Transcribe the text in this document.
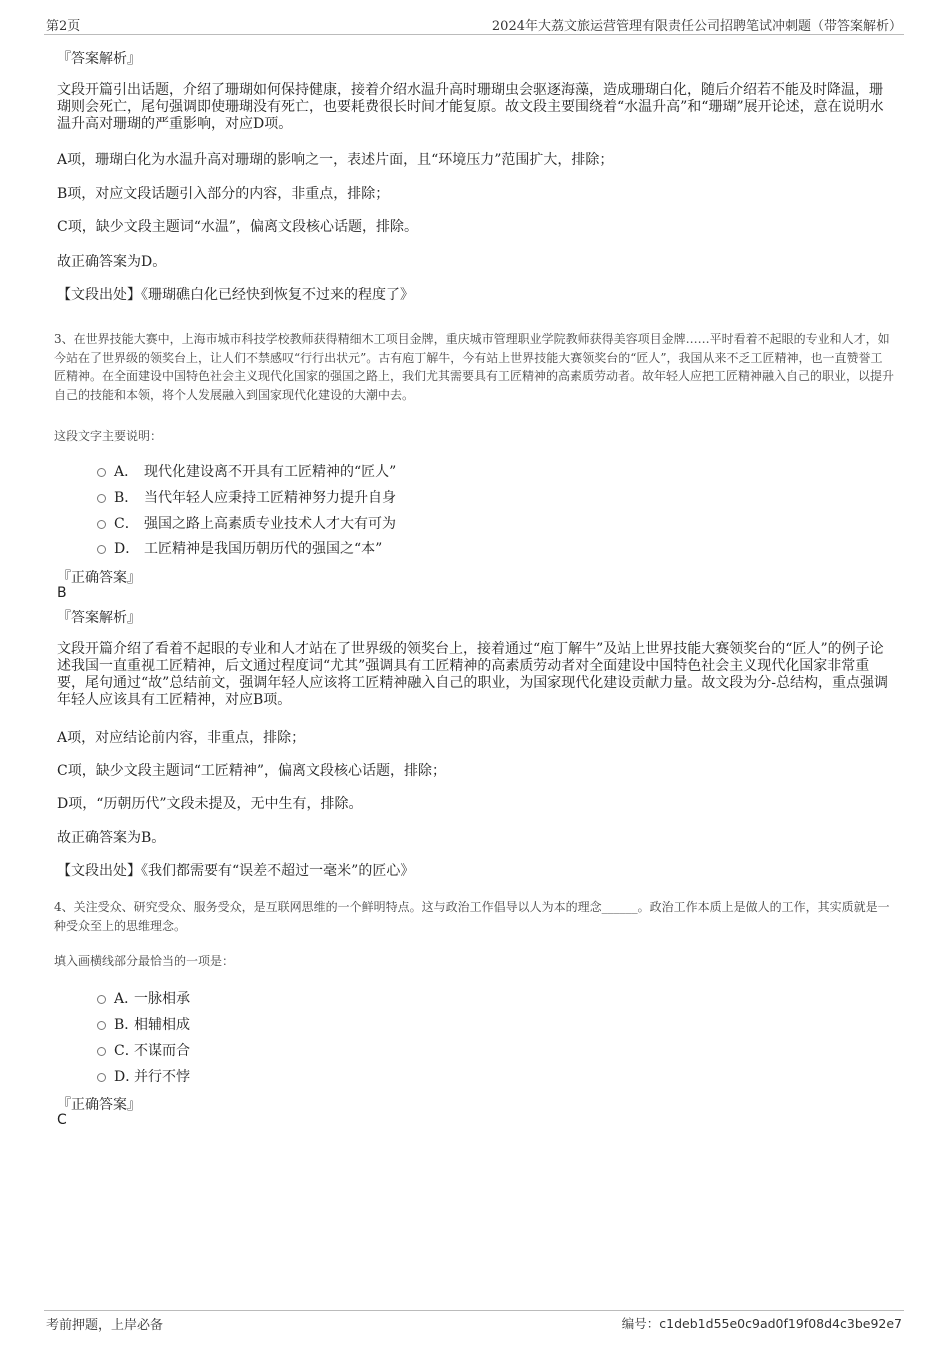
第2页	2024年大荔文旅运营管理有限责任公司招聘笔试冲刺题（带答案解析）
『答案解析』
文段开篇引出话题，介绍了珊瑚如何保持健康，接着介绍水温升高时珊瑚虫会驱逐海藻，造成珊瑚白化，随后介绍若不能及时降温，珊瑚则会死亡，尾句强调即使珊瑚没有死亡，也要耗费很长时间才能复原。故文段主要围绕着“水温升高”和“珊瑚”展开论述，意在说明水温升高对珊瑚的严重影响，对应D项。
A项，珊瑚白化为水温升高对珊瑚的影响之一，表述片面，且“环境压力”范围扩大，排除；
B项，对应文段话题引入部分的内容，非重点，排除；
C项，缺少文段主题词“水温”，偏离文段核心话题，排除。
故正确答案为D。
【文段出处】《珊瑚礁白化已经快到恢复不过来的程度了》
3、在世界技能大赛中，上海市城市科技学校教师获得精细木工项目金牌，重庆城市管理职业学院教师获得美容项目金牌……平时看着不起眼的专业和人才，如今站在了世界级的领奖台上，让人们不禁感叹“行行出状元”。古有庖丁解牛，今有站上世界技能大赛领奖台的“匠人”，我国从来不乏工匠精神，也一直赞誉工匠精神。在全面建设中国特色社会主义现代化国家的强国之路上，我们尤其需要具有工匠精神的高素质劳动者。故年轻人应把工匠精神融入自己的职业，以提升自己的技能和本领，将个人发展融入到国家现代化建设的大潮中去。
这段文字主要说明：
A． 现代化建设离不开具有工匠精神的“匠人”
B． 当代年轻人应秉持工匠精神努力提升自身
C． 强国之路上高素质专业技术人才大有可为
D． 工匠精神是我国历朝历代的强国之“本”
『正确答案』
B
『答案解析』
文段开篇介绍了看着不起眼的专业和人才站在了世界级的领奖台上，接着通过“庖丁解牛”及站上世界技能大赛领奖台的“匠人”的例子论述我国一直重视工匠精神，后文通过程度词“尤其”强调具有工匠精神的高素质劳动者对全面建设中国特色社会主义现代化国家非常重要，尾句通过“故”总结前文，强调年轻人应该将工匠精神融入自己的职业，为国家现代化建设贡献力量。故文段为分-总结构，重点强调年轻人应该具有工匠精神，对应B项。
A项，对应结论前内容，非重点，排除；
C项，缺少文段主题词“工匠精神”，偏离文段核心话题，排除；
D项，“历朝历代”文段未提及，无中生有，排除。
故正确答案为B。
【文段出处】《我们都需要有“误差不超过一毫米”的匠心》
4、关注受众、研究受众、服务受众，是互联网思维的一个鲜明特点。这与政治工作倡导以人为本的理念______。政治工作本质上是做人的工作，其实质就是一种受众至上的思维理念。
填入画横线部分最恰当的一项是：
A．一脉相承
B．相辅相成
C．不谋而合
D．并行不悖
『正确答案』
C
考前押题，上岸必备	编号：c1deb1d55e0c9ad0f19f08d4c3be92e7
